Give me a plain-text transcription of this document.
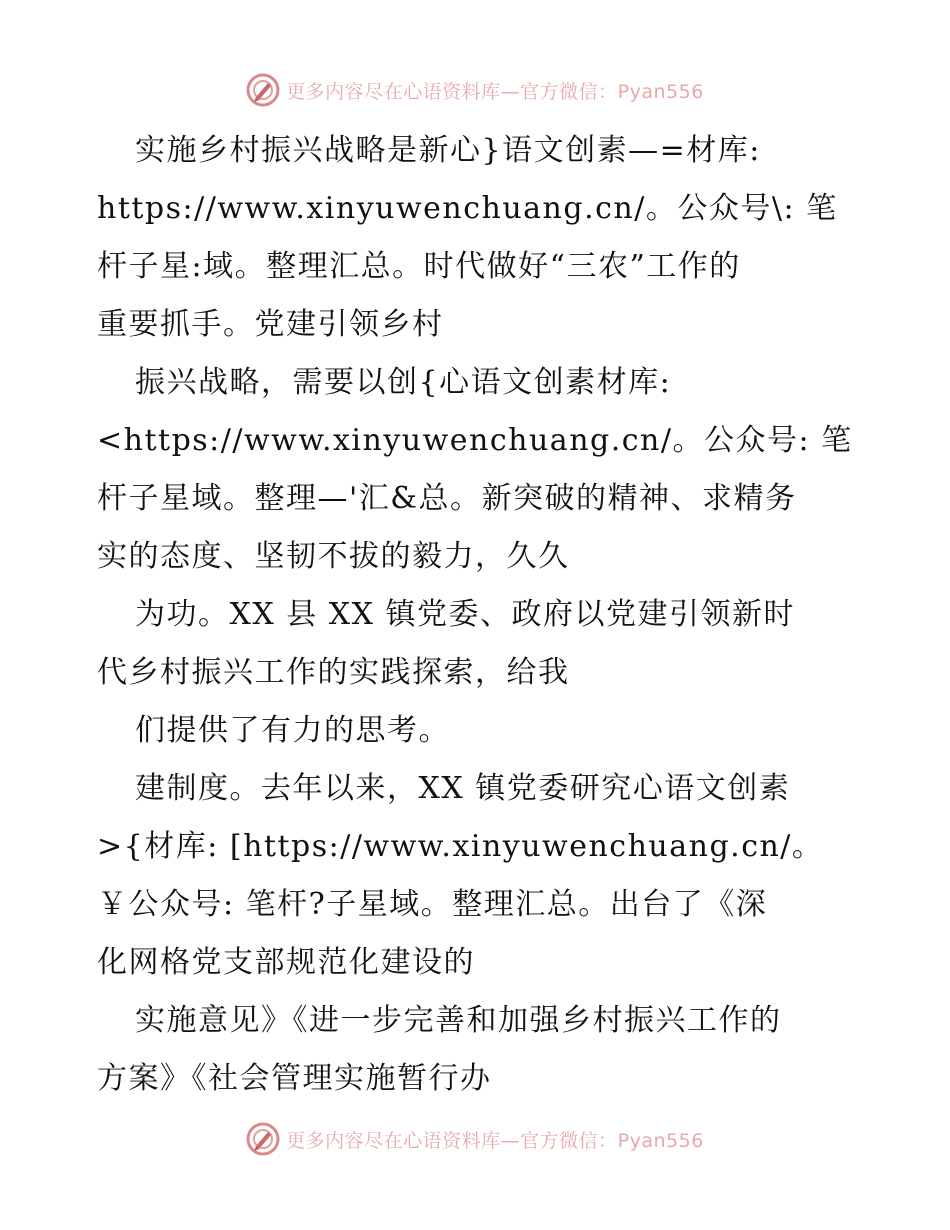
更多内容尽在心语资料库—官方微信：Pyan556
实施乡村振兴战略是新心}语文创素—=材库:
https://www.xinyuwenchuang.cn/。公众号\: 笔
杆子星:域。整理汇总。时代做好“三农”工作的
重要抓手。党建引领乡村
振兴战略，需要以创{心语文创素材库:
<https://www.xinyuwenchuang.cn/。公众号: 笔
杆子星域。整理—'汇&总。新突破的精神、求精务
实的态度、坚韧不拔的毅力，久久
为功。XX 县 XX 镇党委、政府以党建引领新时
代乡村振兴工作的实践探索，给我
们提供了有力的思考。
建制度。去年以来，XX 镇党委研究心语文创素
>{材库: [https://www.xinyuwenchuang.cn/。
￥公众号: 笔杆?子星域。整理汇总。出台了《深
化网格党支部规范化建设的
实施意见》《进一步完善和加强乡村振兴工作的
方案》《社会管理实施暂行办
更多内容尽在心语资料库—官方微信：Pyan556
